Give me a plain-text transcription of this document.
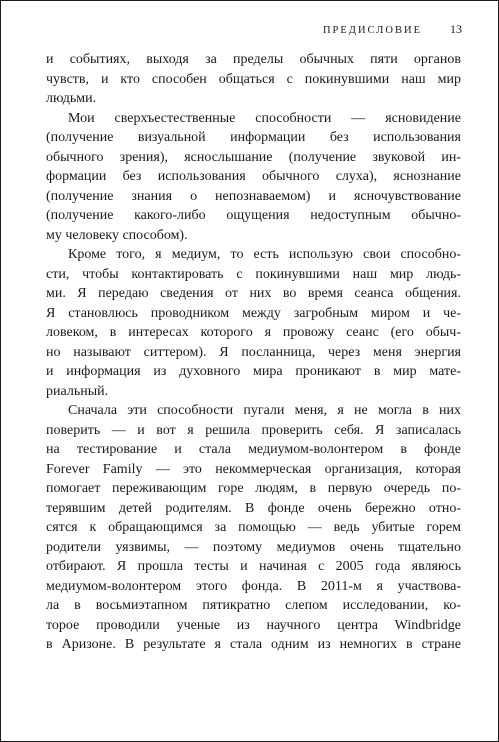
ПРЕДИСЛОВИЕ 13
и событиях, выходя за пределы обычных пяти органов
чувств, и кто способен общаться с покинувшими наш мир
людьми.
Мои сверхъестественные способности — ясновидение
(получение визуальной информации без использования
обычного зрения), яснослышание (получение звуковой ин-
формации без использования обычного слуха), яснознание
(получение знания о непознаваемом) и ясночувствование
(получение какого-либо ощущения недоступным обычно-
му человеку способом).
Кроме того, я медиум, то есть использую свои способно-
сти, чтобы контактировать с покинувшими наш мир людь-
ми. Я передаю сведения от них во время сеанса общения.
Я становлюсь проводником между загробным миром и че-
ловеком, в интересах которого я провожу сеанс (его обыч-
но называют ситтером). Я посланница, через меня энергия
и информация из духовного мира проникают в мир мате-
риальный.
Сначала эти способности пугали меня, я не могла в них
поверить — и вот я решила проверить себя. Я записалась
на тестирование и стала медиумом-волонтером в фонде
Forever Family — это некоммерческая организация, которая
помогает переживающим горе людям, в первую очередь по-
терявшим детей родителям. В фонде очень бережно отно-
сятся к обращающимся за помощью — ведь убитые горем
родители уязвимы, — поэтому медиумов очень тщательно
отбирают. Я прошла тесты и начиная с 2005 года являюсь
медиумом-волонтером этого фонда. В 2011-м я участвова-
ла в восьмиэтапном пятикратно слепом исследовании, ко-
торое проводили ученые из научного центра Windbridge
в Аризоне. В результате я стала одним из немногих в стране
